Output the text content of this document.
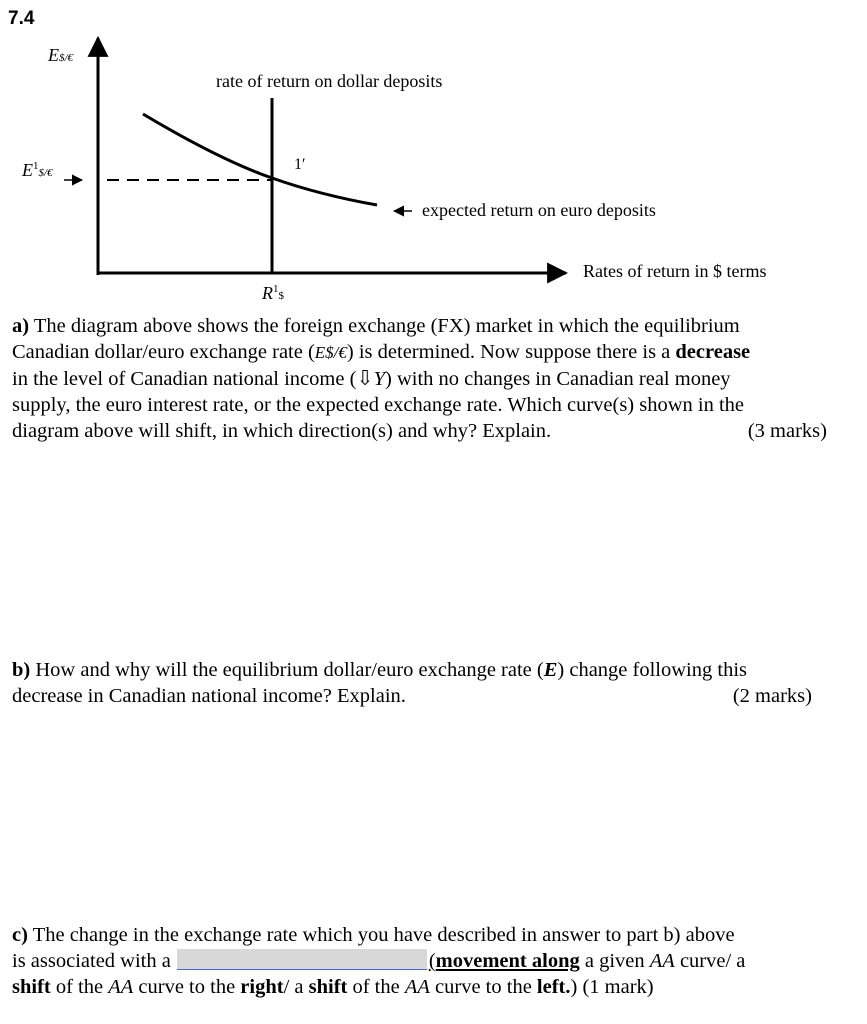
7.4
E$/€
$E^1\$/€$
rate of return on dollar deposits
1′
expected return on euro deposits
Rates of return in $ terms
$R^1\$$
a) The diagram above shows the foreign exchange (FX) market in which the equilibrium
Canadian dollar/euro exchange rate (E$/€) is determined. Now suppose there is a decrease
in the level of Canadian national income (⇩Y) with no changes in Canadian real money
supply, the euro interest rate, or the expected exchange rate. Which curve(s) shown in the
diagram above will shift, in which direction(s) and why? Explain.	(3 marks)
b) How and why will the equilibrium dollar/euro exchange rate (E) change following this
decrease in Canadian national income? Explain.	(2 marks)
c) The change in the exchange rate which you have described in answer to part b) above
is associated with a	(movement along a given AA curve/ a
shift of the AA curve to the right/ a shift of the AA curve to the left.) (1 mark)
